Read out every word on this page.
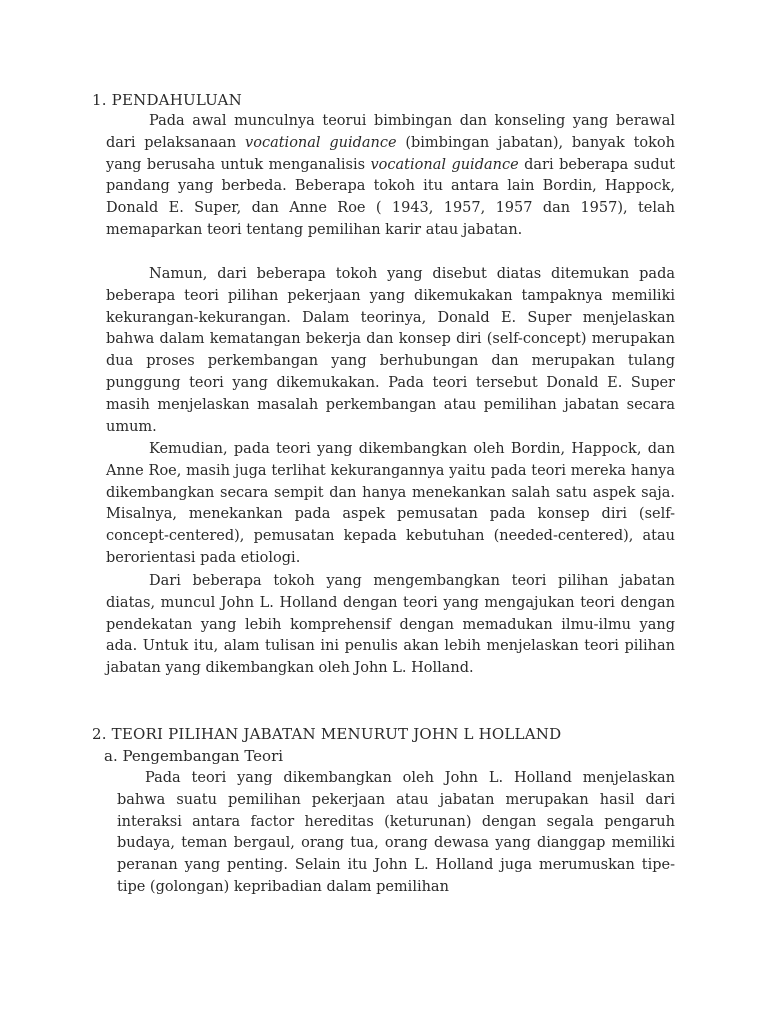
1. PENDAHULUAN

Pada awal munculnya teorui bimbingan dan konseling yang berawal dari pelaksanaan vocational guidance (bimbingan jabatan), banyak tokoh yang berusaha untuk menganalisis vocational guidance dari beberapa sudut pandang yang berbeda. Beberapa tokoh itu antara lain Bordin, Happock, Donald E. Super, dan Anne Roe ( 1943, 1957, 1957 dan 1957), telah memaparkan teori tentang pemilihan karir atau jabatan.

Namun, dari beberapa tokoh yang disebut diatas ditemukan pada beberapa teori pilihan pekerjaan yang dikemukakan tampaknya memiliki kekurangan-kekurangan. Dalam teorinya, Donald E. Super menjelaskan bahwa dalam kematangan bekerja dan konsep diri (self-concept) merupakan dua proses perkembangan yang berhubungan dan merupakan tulang punggung teori yang dikemukakan. Pada teori tersebut Donald E. Super masih menjelaskan masalah perkembangan atau pemilihan jabatan secara umum.

Kemudian, pada teori yang dikembangkan oleh Bordin, Happock, dan Anne Roe, masih juga terlihat kekurangannya yaitu pada teori mereka hanya dikembangkan secara sempit dan hanya menekankan salah satu aspek saja. Misalnya, menekankan pada aspek pemusatan pada konsep diri (self-concept-centered), pemusatan kepada kebutuhan (needed-centered), atau berorientasi pada etiologi.

Dari beberapa tokoh yang mengembangkan teori pilihan jabatan diatas, muncul John L. Holland dengan teori yang mengajukan teori dengan pendekatan yang lebih komprehensif dengan memadukan ilmu-ilmu yang ada. Untuk itu, alam tulisan ini penulis akan lebih menjelaskan teori pilihan jabatan yang dikembangkan oleh John L. Holland.

2. TEORI PILIHAN JABATAN MENURUT JOHN L HOLLAND
a. Pengembangan Teori

Pada teori yang dikembangkan oleh John L. Holland menjelaskan bahwa suatu pemilihan pekerjaan atau jabatan merupakan hasil dari interaksi antara factor hereditas (keturunan) dengan segala pengaruh budaya, teman bergaul, orang tua, orang dewasa yang dianggap memiliki peranan yang penting. Selain itu John L. Holland juga merumuskan tipe-tipe (golongan) kepribadian dalam pemilihan
